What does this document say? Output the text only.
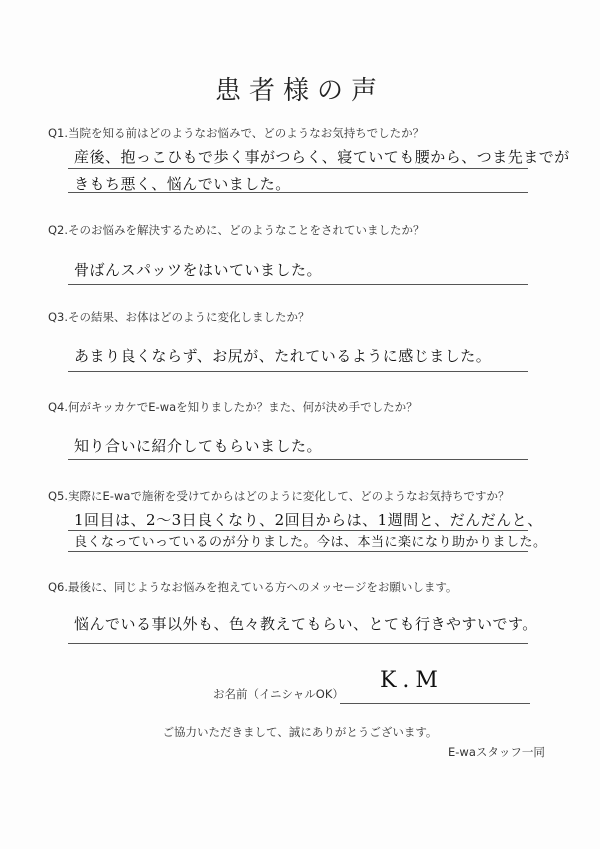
患者様の声
Q1.当院を知る前はどのようなお悩みで、どのようなお気持ちでしたか？
産後、抱っこひもで歩く事がつらく、寝ていても腰から、つま先までが
きもち悪く、悩んでいました。
Q2.そのお悩みを解決するために、どのようなことをされていましたか？
骨ばんスパッツをはいていました。
Q3.その結果、お体はどのように変化しましたか？
あまり良くならず、お尻が、たれているように感じました。
Q4.何がキッカケでE-waを知りましたか？また、何が決め手でしたか？
知り合いに紹介してもらいました。
Q5.実際にE-waで施術を受けてからはどのように変化して、どのようなお気持ちですか？
1回目は、2～3日良くなり、2回目からは、1週間と、だんだんと、
良くなっていっているのが分りました。今は、本当に楽になり助かりました。
Q6.最後に、同じようなお悩みを抱えている方へのメッセージをお願いします。
悩んでいる事以外も、色々教えてもらい、とても行きやすいです。
お名前（イニシャルOK）
K.M
ご協力いただきまして、誠にありがとうございます。
E-waスタッフ一同
